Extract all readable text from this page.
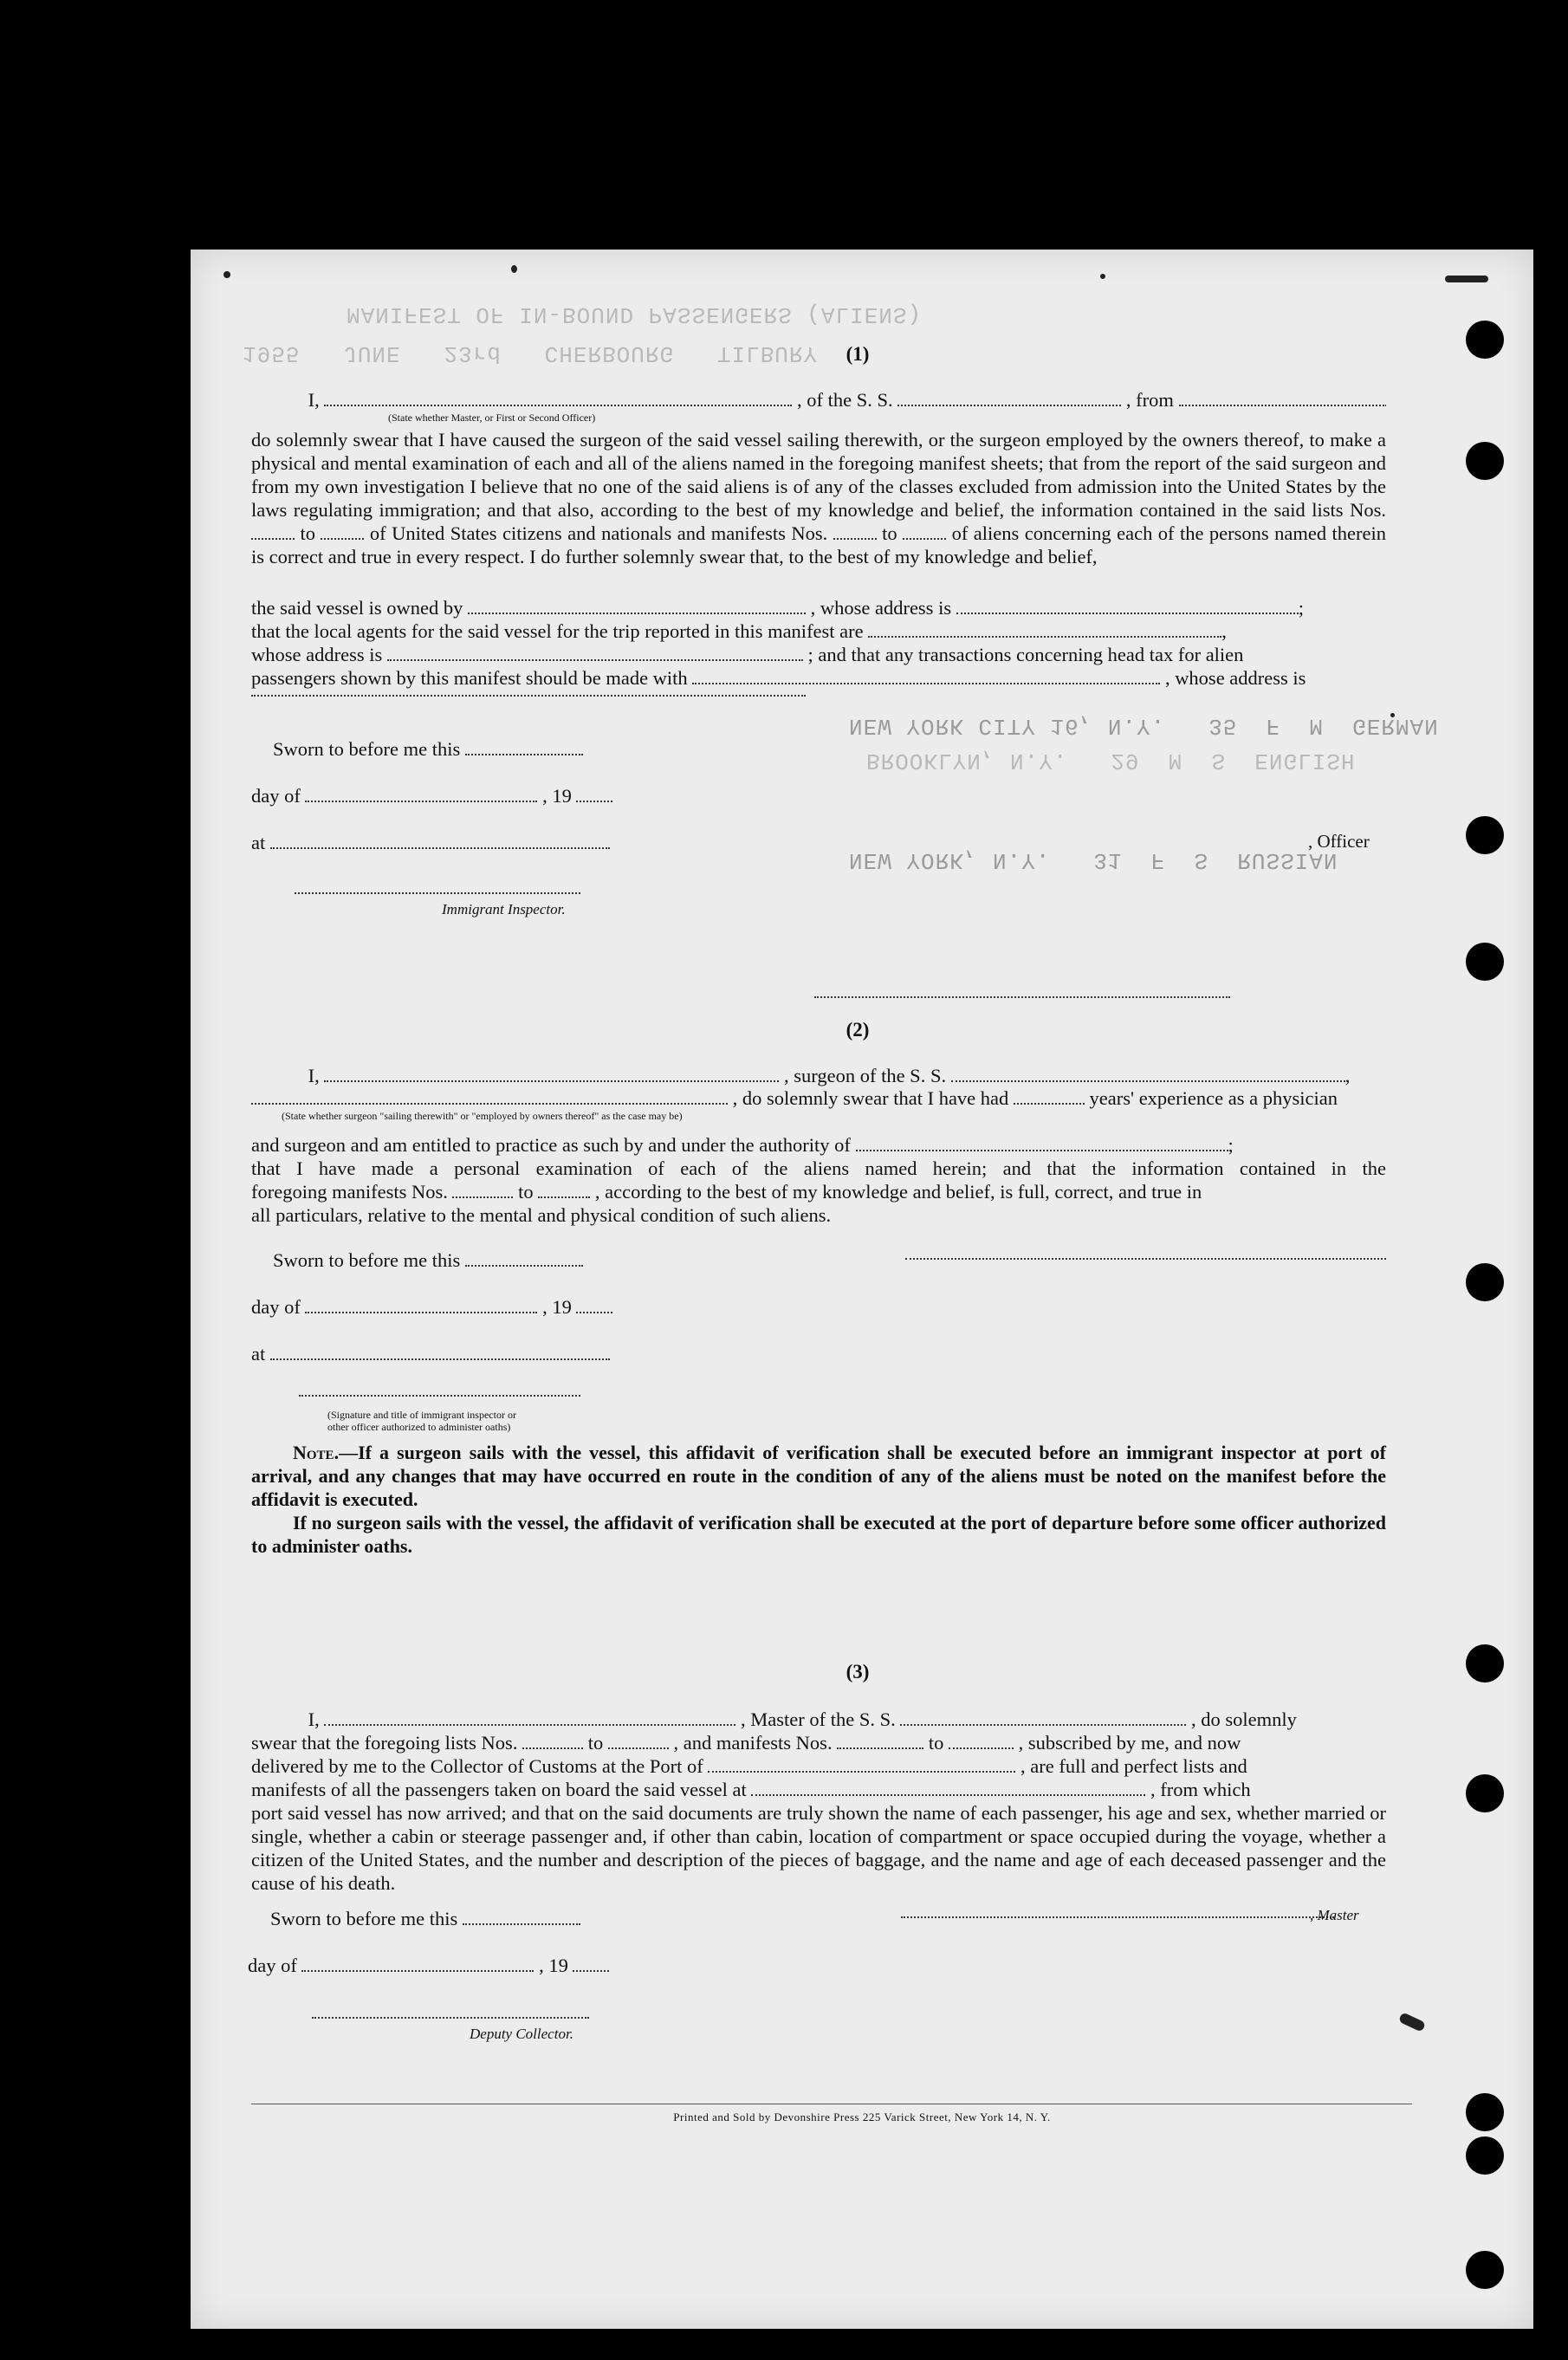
MANIFEST OF IN-BOUND PASSENGERS (ALIENS)
1955   JUNE   23rd   CHERBOURG   TILBURY
NEW YORK CITY 16, N.Y.   35  F  M  GERMAN
BROOKLYN, N.Y.   29  M  S  ENGLISH
NEW YORK, N.Y.   31  F  S  RUSSIAN
(1)
I,	, of the S. S.	, from
(State whether Master, or First or Second Officer)

do solemnly swear that I have caused the surgeon of the said vessel sailing therewith, or the surgeon employed by the owners thereof, to make a physical and mental examination of each and all of the aliens named in the foregoing manifest sheets; that from the report of the said surgeon and from my own investigation I believe that no one of the said aliens is of any of the classes excluded from admission into the United States by the laws regulating immigration; and that also, according to the best of my knowledge and belief, the information contained in the said lists Nos.  to	of United States citizens and nationals and manifests Nos.	to	of aliens concerning each of the persons named therein is correct and true in every respect. I do further solemnly swear that, to the best of my knowledge and belief,

the said vessel is owned by	, whose address is	;
that the local agents for the said vessel for the trip reported in this manifest are	,
whose address is	; and that any transactions concerning head tax for alien
passengers shown by this manifest should be made with	, whose address is
Sworn to before me this
day of	, 19
at	, Officer
Immigrant Inspector.
(2)
I,	, surgeon of the S. S.	,
, do solemnly swear that I have had	years' experience as a physician
(State whether surgeon "sailing therewith" or "employed by owners thereof" as the case may be)
and surgeon and am entitled to practice as such by and under the authority of	;
that I have made a personal examination of each of the aliens named herein; and that the information contained in the
foregoing manifests Nos.	to	, according to the best of my knowledge and belief, is full, correct, and true in
all particulars, relative to the mental and physical condition of such aliens.
Sworn to before me this
day of	, 19
at
(Signature and title of immigrant inspector or
other officer authorized to administer oaths)

Note.—If a surgeon sails with the vessel, this affidavit of verification shall be executed before an immigrant inspector at port of arrival, and any changes that may have occurred en route in the condition of any of the aliens must be noted on the manifest before the affidavit is executed.

If no surgeon sails with the vessel, the affidavit of verification shall be executed at the port of departure before some officer authorized to administer oaths.

(3)
I,	, Master of the S. S.	, do solemnly
swear that the foregoing lists Nos.	to	, and manifests Nos.	to	, subscribed by me, and now
delivered by me to the Collector of Customs at the Port of	, are full and perfect lists and
manifests of all the passengers taken on board the said vessel at	, from which

port said vessel has now arrived; and that on the said documents are truly shown the name of each passenger, his age and sex, whether married or single, whether a cabin or steerage passenger and, if other than cabin, location of compartment or space occupied during the voyage, whether a citizen of the United States, and the number and description of the pieces of baggage, and the name and age of each deceased passenger and the cause of his death.

Sworn to before me this	, Master
day of	, 19
Deputy Collector.
Printed and Sold by Devonshire Press 225 Varick Street, New York 14, N. Y.
